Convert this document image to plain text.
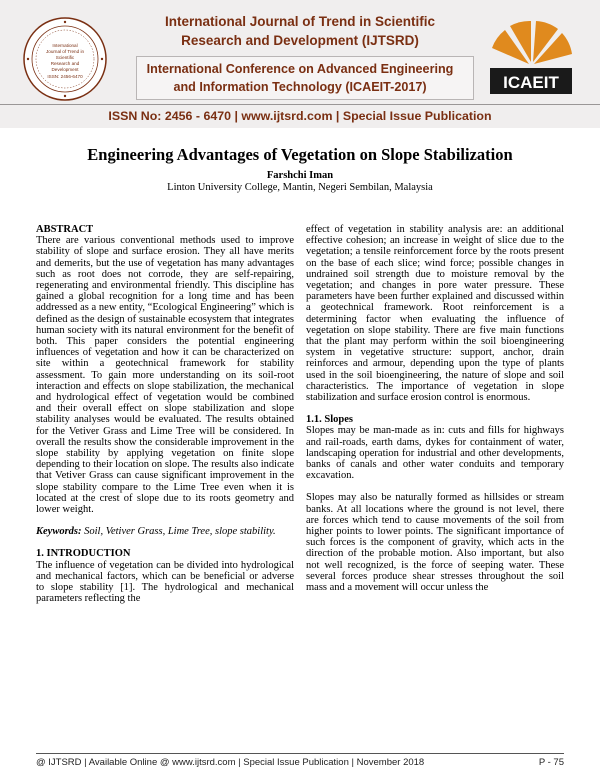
International
Journal of Trend in
Scientific
Research and
Development
ISSN: 2456-6470
International Journal of Trend in Scientific
Research and Development (IJTSRD)
International Conference on Advanced Engineering
and Information Technology (ICAEIT-2017)
ISSN No: 2456 - 6470 | www.ijtsrd.com | Special Issue Publication
ICAEIT
Engineering Advantages of Vegetation on Slope Stabilization
Farshchi Iman
Linton University College, Mantin, Negeri Sembilan, Malaysia

ABSTRACT

There are various conventional methods used to improve stability of slope and surface erosion. They all have merits and demerits, but the use of vegetation has many advantages such as root does not corrode, they are self-repairing, regenerating and environmental friendly. This discipline has gained a global recognition for a long time and has been addressed as a new entity, “Ecological Engineering” which is defined as the design of sustainable ecosystem that integrates human society with its natural environment for the benefit of both. This paper considers the potential engineering influences of vegetation and how it can be characterized on site within a geotechnical framework for stability assessment. To gain more understanding on its soil-root interaction and effects on slope stabilization, the mechanical and hydrological effect of vegetation would be combined and their overall effect on slope stabilization and slope stability analyses would be evaluated. The results obtained for the Vetiver Grass and Lime Tree will be considered. In overall the results show the considerable improvement in the slope stability by applying vegetation on finite slope depending to their location on slope. The results also indicate that Vetiver Grass can cause significant improvement in the slope stability compare to the Lime Tree even when it is located at the crest of slope due to its roots geometry and lower weight.

Keywords: Soil, Vetiver Grass, Lime Tree, slope stability.

1. INTRODUCTION

The influence of vegetation can be divided into hydrological and mechanical factors, which can be beneficial or adverse to slope stability [1]. The hydrological and mechanical parameters reflecting the

effect of vegetation in stability analysis are: an additional effective cohesion; an increase in weight of slice due to the vegetation; a tensile reinforcement force by the roots present on the base of each slice; wind force; possible changes in undrained soil strength due to moisture removal by the vegetation; and changes in pore water pressure. These parameters have been further explained and discussed within a geotechnical framework. Root reinforcement is a determining factor when evaluating the influence of vegetation on slope stability. There are five main functions that the plant may perform within the soil bioengineering system in vegetative structure: support, anchor, drain reinforces and armour, depending upon the type of plants used in the soil bioengineering, the nature of slope and soil characteristics. The importance of vegetation in slope stabilization and surface erosion control is enormous.

1.1. Slopes

Slopes may be man-made as in: cuts and fills for highways and rail-roads, earth dams, dykes for containment of water, landscaping operation for industrial and other developments, banks of canals and other water conduits and temporary excavation.

Slopes may also be naturally formed as hillsides or stream banks. At all locations where the ground is not level, there are forces which tend to cause movements of the soil from higher points to lower points. The significant importance of such forces is the component of gravity, which acts in the direction of the probable motion. Also important, but also not well recognized, is the force of seeping water. These several forces produce shear stresses throughout the soil mass and a movement will occur unless the

@ IJTSRD | Available Online @ www.ijtsrd.com | Special Issue Publication | November 2018	P - 75
